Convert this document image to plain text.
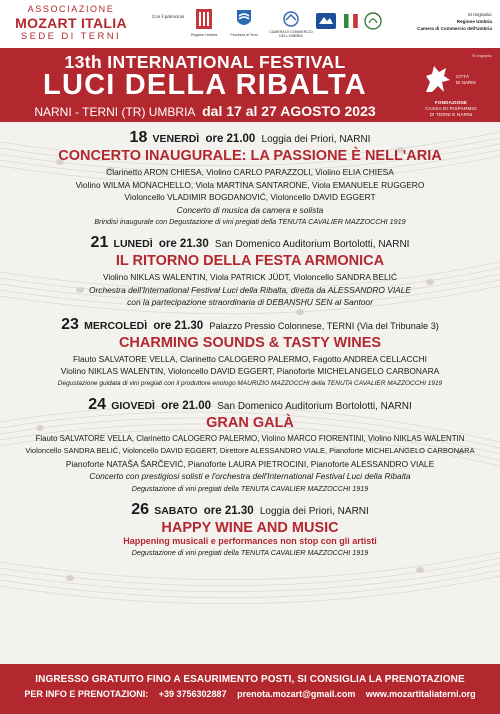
ASSOCIAZIONE
MOZART ITALIA
SEDE DI TERNI
Con il patrocinio
Regione Umbria	Provincia di Terni
CAMERA DI COMMERCIO DELL'UMBRIA
Si ringrazia:
Regione Umbria
Camera di Commercio dell'Umbria
13th INTERNATIONAL FESTIVAL
LUCI DELLA RIBALTA
NARNI - TERNI (TR) UMBRIA dal 17 al 27 AGOSTO 2023
Si ringrazia:
CITTÀ
DI NARNI
FONDAZIONE
CASSA DI RISPARMIO
DI TERNI E NARNI
18 VENERDÌ ore 21.00 Loggia dei Priori, NARNI
CONCERTO INAUGURALE: LA PASSIONE È NELL'ARIA
Clarinetto ARON CHIESA, Violino CARLO PARAZZOLI, Violino ELIA CHIESA
Violino WILMA MONACHELLO, Viola MARTINA SANTARONE, Viola EMANUELE RUGGERO
Violoncello VLADIMIR BOGDANOVIĆ, Violoncello DAVID EGGERT
Concerto di musica da camera e solista
Brindisi inaugurale con Degustazione di vini pregiati della TENUTA CAVALIER MAZZOCCHI 1919
21 LUNEDÌ ore 21.30 San Domenico Auditorium Bortolotti, NARNI
IL RITORNO DELLA FESTA ARMONICA
Violino NIKLAS WALENTIN, Viola PATRICK JÜDT, Violoncello SANDRA BELIĆ
Orchestra dell'International Festival Luci della Ribalta, diretta da ALESSANDRO VIALE
con la partecipazione straordinaria di DEBANSHU SEN al Santoor
23 MERCOLEDÌ ore 21.30 Palazzo Pressio Colonnese, TERNI (Via del Tribunale 3)
CHARMING SOUNDS & TASTY WINES
Flauto SALVATORE VELLA, Clarinetto CALOGERO PALERMO, Fagotto ANDREA CELLACCHI
Violino NIKLAS WALENTIN, Violoncello DAVID EGGERT, Pianoforte MICHELANGELO CARBONARA
Degustazione guidata di vini pregiati con il produttore enologo MAURIZIO MAZZOCCHI della TENUTA CAVALIER MAZZOCCHI 1919
24 GIOVEDÌ ore 21.00 San Domenico Auditorium Bortolotti, NARNI
GRAN GALÀ
Flauto SALVATORE VELLA, Clarinetto CALOGERO PALERMO, Violino MARCO FIORENTINI, Violino NIKLAS WALENTIN
Violoncello SANDRA BELIĆ, Violoncello DAVID EGGERT, Direttore ALESSANDRO VIALE, Pianoforte MICHELANGELO CARBONARA
Pianoforte NATAŠA ŠARČEVIĆ, Pianoforte LAURA PIETROCINI, Pianoforte ALESSANDRO VIALE
Concerto con prestigiosi solisti e l'orchestra dell'International Festival Luci della Ribalta
Degustazione di vini pregiati della TENUTA CAVALIER MAZZOCCHI 1919
26 SABATO ore 21.30 Loggia dei Priori, NARNI
HAPPY WINE AND MUSIC
Happening musicali e performances non stop con gli artisti
Degustazione di vini pregiati della TENUTA CAVALIER MAZZOCCHI 1919
INGRESSO GRATUITO FINO A ESAURIMENTO POSTI, SI CONSIGLIA LA PRENOTAZIONE
PER INFO E PRENOTAZIONI: +39 3756302887 prenota.mozart@gmail.com www.mozartitaliaterni.org
